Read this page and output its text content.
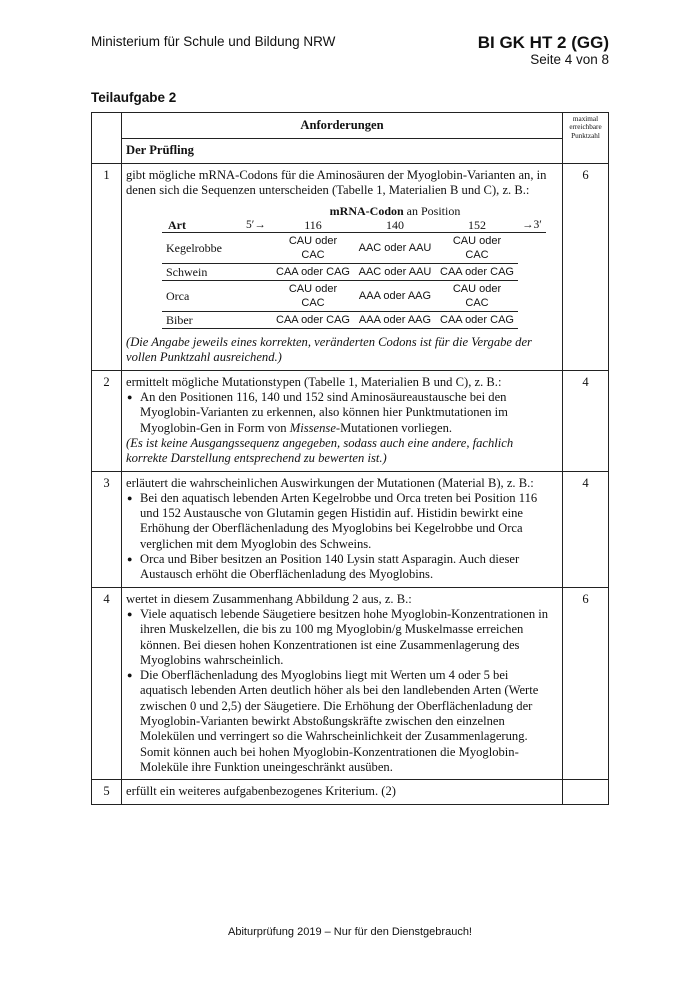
Ministerium für Schule und Bildung NRW	BI GK HT 2 (GG)
Seite 4 von 8
Teilaufgabe 2
	Anforderungen	maximal erreichbare Punktzahl
Der Prüfling
1	gibt mögliche mRNA-Codons für die Aminosäuren der Myoglobin-Varianten an, in denen sich die Sequenzen unterscheiden (Tabelle 1, Materialien B und C), z. B.:
		mRNA-Codon an Position	
Art	5′→	116	140	152	→3′
Kegelrobbe		CAU oder CAC	AAC oder AAU	CAU oder CAC	
Schwein		CAA oder CAG	AAC oder AAU	CAA oder CAG	
Orca		CAU oder CAC	AAA oder AAG	CAU oder CAC	
Biber		CAA oder CAG	AAA oder AAG	CAA oder CAG	
(Die Angabe jeweils eines korrekten, veränderten Codons ist für die Vergabe der vollen Punktzahl ausreichend.)
	6
2	ermittelt mögliche Mutationstypen (Tabelle 1, Materialien B und C), z. B.:
● An den Positionen 116, 140 und 152 sind Aminosäureaustausche bei den Myoglobin-Varianten zu erkennen, also können hier Punktmutationen im Myoglobin-Gen in Form von Missense-Mutationen vorliegen.
(Es ist keine Ausgangssequenz angegeben, sodass auch eine andere, fachlich korrekte Darstellung entsprechend zu bewerten ist.)
	4
3	erläutert die wahrscheinlichen Auswirkungen der Mutationen (Material B), z. B.:
● Bei den aquatisch lebenden Arten Kegelrobbe und Orca treten bei Position 116 und 152 Austausche von Glutamin gegen Histidin auf. Histidin bewirkt eine Erhöhung der Oberflächenladung des Myoglobins bei Kegelrobbe und Orca verglichen mit dem Myoglobin des Schweins.
● Orca und Biber besitzen an Position 140 Lysin statt Asparagin. Auch dieser Austausch erhöht die Oberflächenladung des Myoglobins.
	4
4	wertet in diesem Zusammenhang Abbildung 2 aus, z. B.:
● Viele aquatisch lebende Säugetiere besitzen hohe Myoglobin-Konzentrationen in ihren Muskelzellen, die bis zu 100 mg Myoglobin/g Muskelmasse erreichen können. Bei diesen hohen Konzentrationen ist eine Zusammenlagerung des Myoglobins wahrscheinlich.
● Die Oberflächenladung des Myoglobins liegt mit Werten um 4 oder 5 bei aquatisch lebenden Arten deutlich höher als bei den landlebenden Arten (Werte zwischen 0 und 2,5) der Säugetiere. Die Erhöhung der Oberflächenladung der Myoglobin-Varianten bewirkt Abstoßungskräfte zwischen den einzelnen Molekülen und verringert so die Wahrscheinlichkeit der Zusammenlagerung. Somit können auch bei hohen Myoglobin-Konzentrationen die Myoglobin-Moleküle ihre Funktion uneingeschränkt ausüben.
	6
5	erfüllt ein weiteres aufgabenbezogenes Kriterium. (2)

Abiturprüfung 2019 – Nur für den Dienstgebrauch!
